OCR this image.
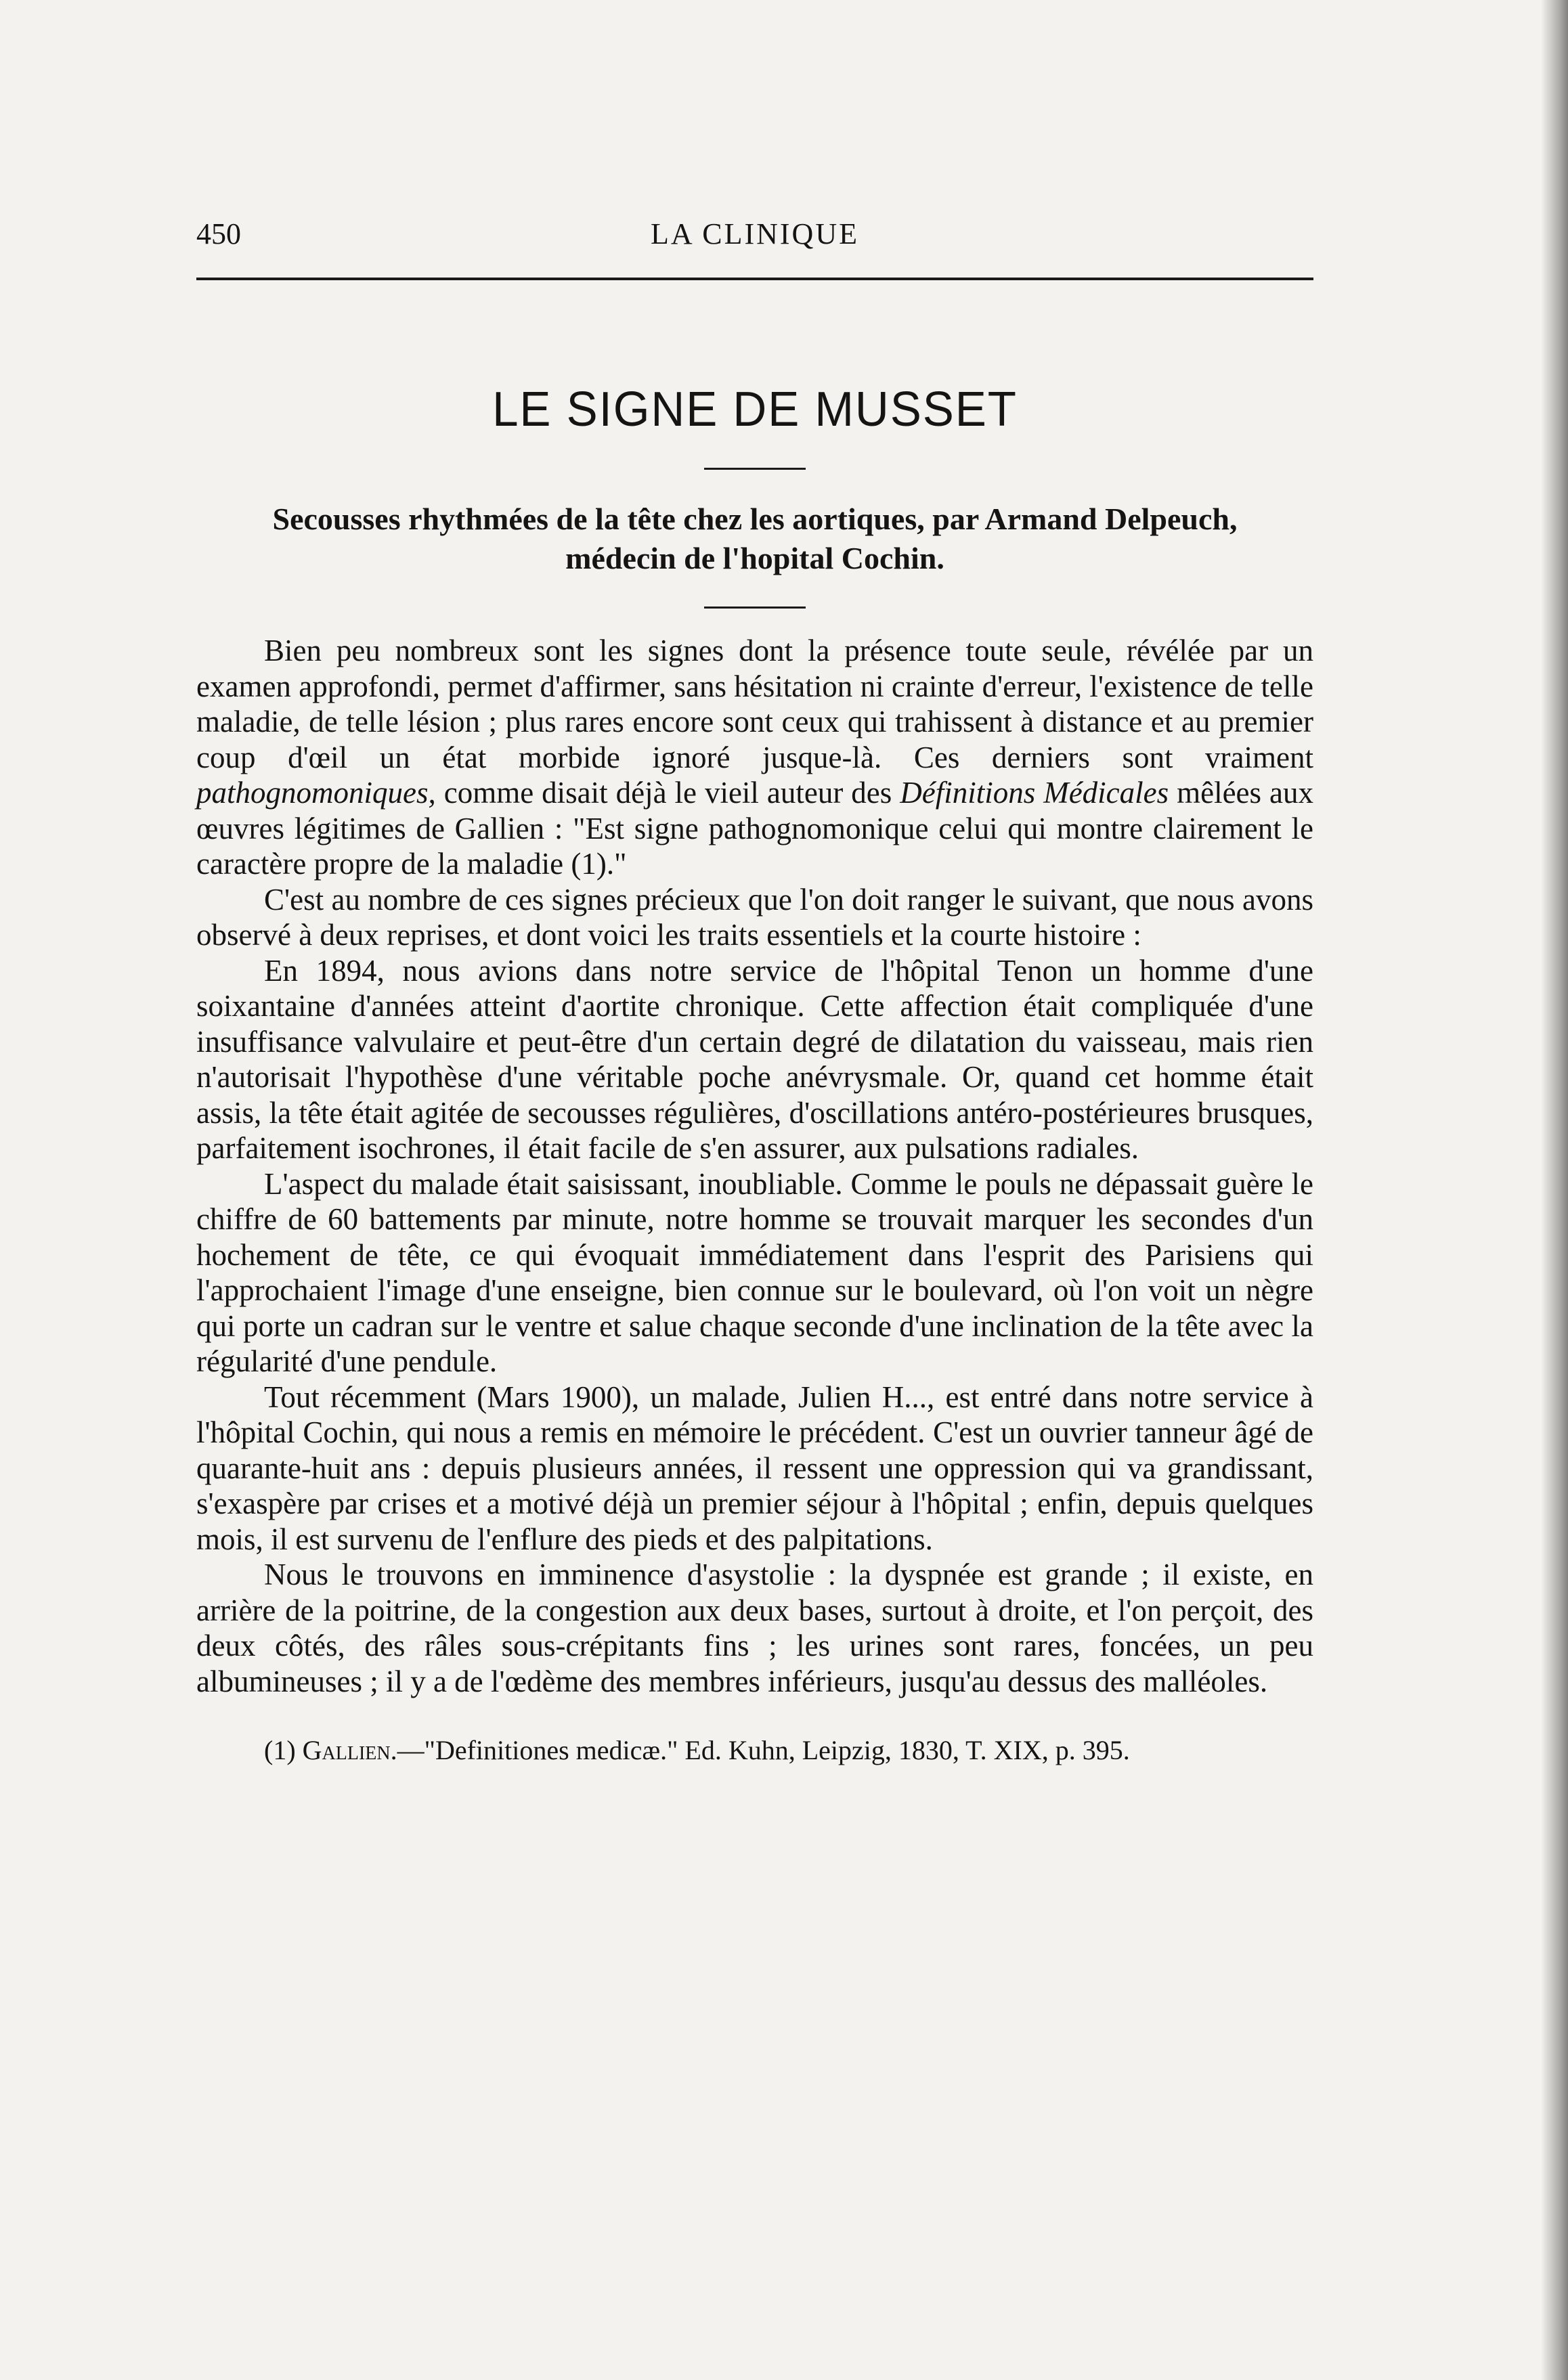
450	LA CLINIQUE
LE SIGNE DE MUSSET
Secousses rhythmées de la tête chez les aortiques, par Armand Delpeuch, médecin de l'hopital Cochin.

Bien peu nombreux sont les signes dont la présence toute seule, révélée par un examen approfondi, permet d'affirmer, sans hésitation ni crainte d'erreur, l'existence de telle maladie, de telle lésion ; plus rares encore sont ceux qui trahissent à distance et au premier coup d'œil un état morbide ignoré jusque-là. Ces derniers sont vraiment pathognomoniques, comme disait déjà le vieil auteur des Définitions Médicales mêlées aux œuvres légitimes de Gallien : "Est signe pathognomonique celui qui montre clairement le caractère propre de la maladie (1)."

C'est au nombre de ces signes précieux que l'on doit ranger le suivant, que nous avons observé à deux reprises, et dont voici les traits essentiels et la courte histoire :

En 1894, nous avions dans notre service de l'hôpital Tenon un homme d'une soixantaine d'années atteint d'aortite chronique. Cette affection était compliquée d'une insuffisance valvulaire et peut-être d'un certain degré de dilatation du vaisseau, mais rien n'autorisait l'hypothèse d'une véritable poche anévrysmale. Or, quand cet homme était assis, la tête était agitée de secousses régulières, d'oscillations antéro-postérieures brusques, parfaitement isochrones, il était facile de s'en assurer, aux pulsations radiales.

L'aspect du malade était saisissant, inoubliable. Comme le pouls ne dépassait guère le chiffre de 60 battements par minute, notre homme se trouvait marquer les secondes d'un hochement de tête, ce qui évoquait immédiatement dans l'esprit des Parisiens qui l'approchaient l'image d'une enseigne, bien connue sur le boulevard, où l'on voit un nègre qui porte un cadran sur le ventre et salue chaque seconde d'une inclination de la tête avec la régularité d'une pendule.

Tout récemment (Mars 1900), un malade, Julien H..., est entré dans notre service à l'hôpital Cochin, qui nous a remis en mémoire le précédent. C'est un ouvrier tanneur âgé de quarante-huit ans : depuis plusieurs années, il ressent une oppression qui va grandissant, s'exaspère par crises et a motivé déjà un premier séjour à l'hôpital ; enfin, depuis quelques mois, il est survenu de l'enflure des pieds et des palpitations.

Nous le trouvons en imminence d'asystolie : la dyspnée est grande ; il existe, en arrière de la poitrine, de la congestion aux deux bases, surtout à droite, et l'on perçoit, des deux côtés, des râles sous-crépitants fins ; les urines sont rares, foncées, un peu albumineuses ; il y a de l'œdème des membres inférieurs, jusqu'au dessus des malléoles.

(1) Gallien.—"Definitiones medicæ." Ed. Kuhn, Leipzig, 1830, T. XIX, p. 395.
